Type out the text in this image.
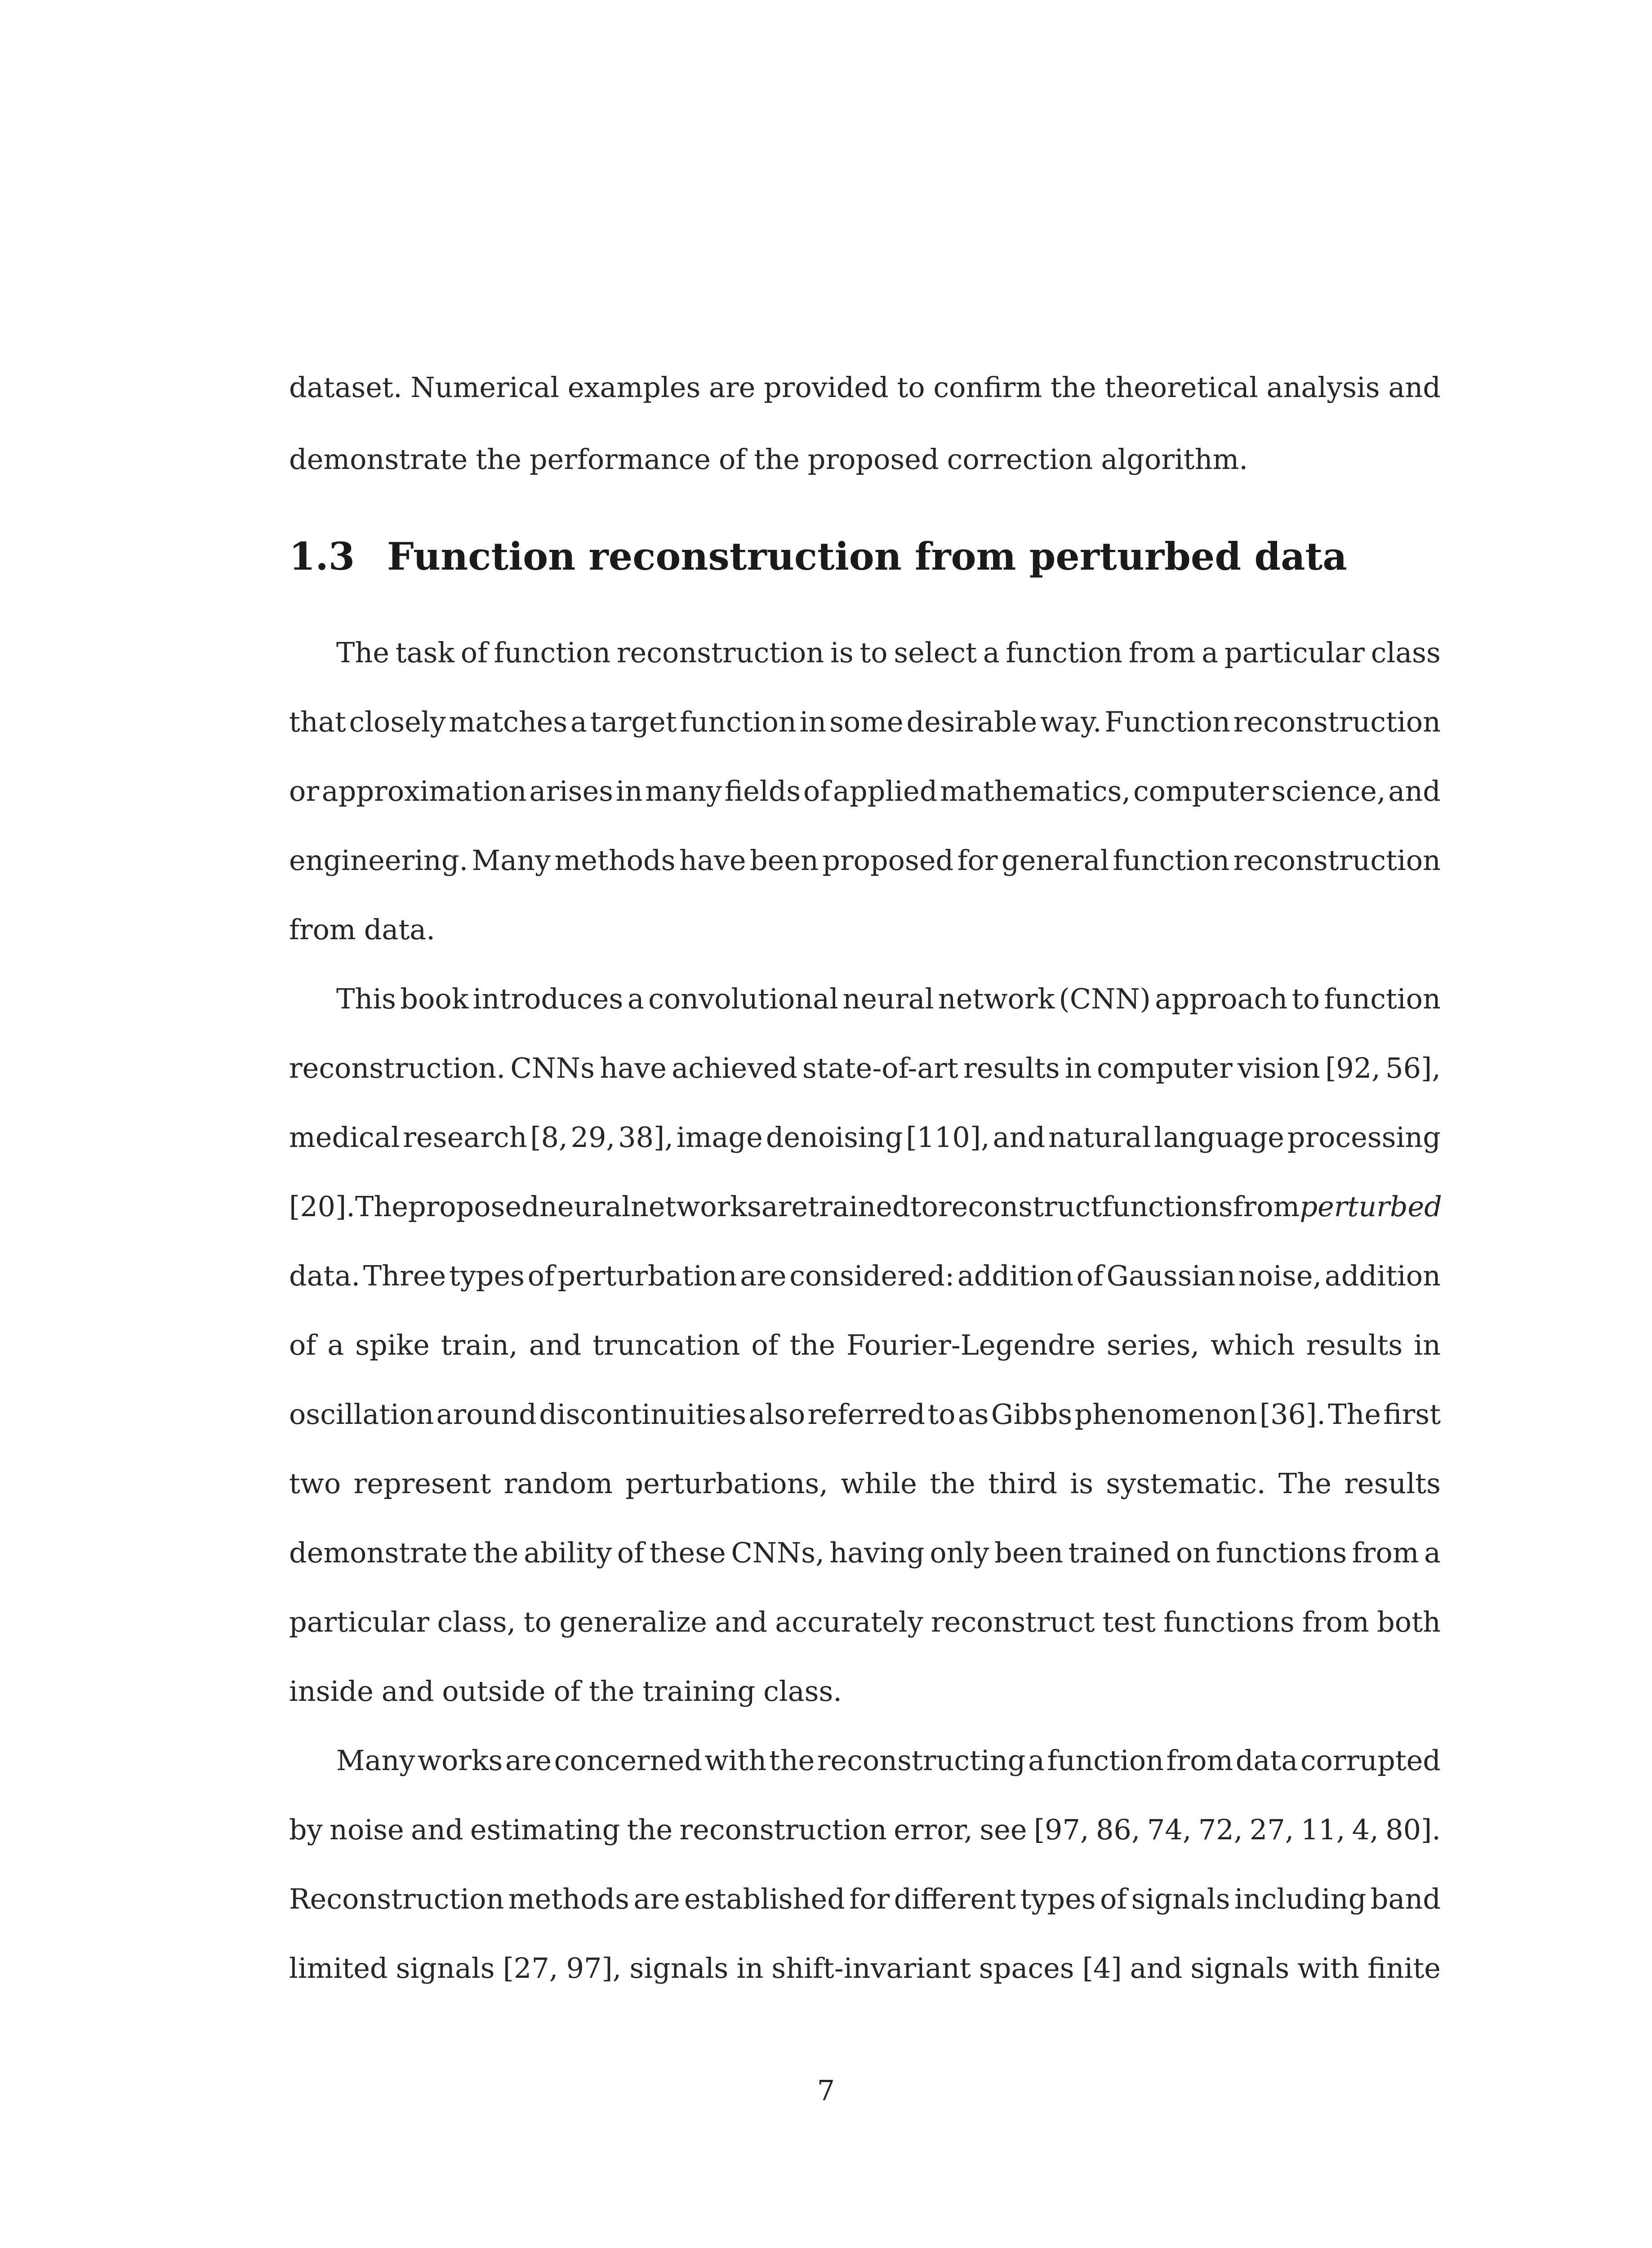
dataset. Numerical examples are provided to confirm the theoretical analysis and
demonstrate the performance of the proposed correction algorithm.
1.3 Function reconstruction from perturbed data
The task of function reconstruction is to select a function from a particular class
that closely matches a target function in some desirable way. Function reconstruction
or approximation arises in many fields of applied mathematics, computer science, and
engineering. Many methods have been proposed for general function reconstruction
from data.
This book introduces a convolutional neural network (CNN) approach to function
reconstruction. CNNs have achieved state-of-art results in computer vision [92, 56],
medical research [8, 29, 38], image denoising [110], and natural language processing
[20]. The proposed neural networks are trained to reconstruct functions from perturbed
data. Three types of perturbation are considered: addition of Gaussian noise, addition
of a spike train, and truncation of the Fourier-Legendre series, which results in
oscillation around discontinuities also referred to as Gibbs phenomenon [36]. The first
two represent random perturbations, while the third is systematic. The results
demonstrate the ability of these CNNs, having only been trained on functions from a
particular class, to generalize and accurately reconstruct test functions from both
inside and outside of the training class.
Many works are concerned with the reconstructing a function from data corrupted
by noise and estimating the reconstruction error, see [97, 86, 74, 72, 27, 11, 4, 80].
Reconstruction methods are established for different types of signals including band
limited signals [27, 97], signals in shift-invariant spaces [4] and signals with finite
7
